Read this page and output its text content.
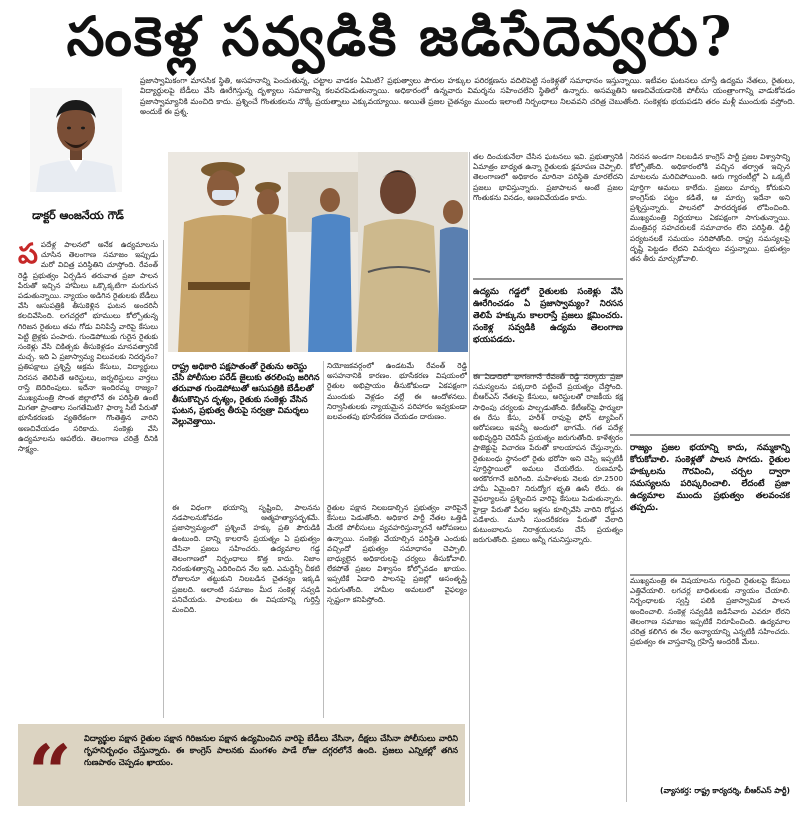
సంకెళ్ల సవ్వడికి జడిసేదెవ్వరు?
డాక్టర్ ఆంజనేయ గౌడ్
ప్రజాస్వామికంగా మానసిక స్థితి, అసహనాన్ని పెంచుతున్న, చట్టాల వాడకం ఏమిటి? ప్రభుత్వాలు పౌరుల హక్కుల పరిరక్షణను వదిలిపెట్టి సంకెళ్లతో సమాధానం ఇస్తున్నాయి. ఇటీవల ఘటనలు చూస్తే ఉద్యమ నేతలు, రైతులు, విద్యార్థులపై బేడీలు వేసి ఊరేగిస్తున్న దృశ్యాలు సమాజాన్ని కలవరపెడుతున్నాయి. అధికారంలో ఉన్నవారు విమర్శను సహించలేని స్థితిలో ఉన్నారు. అసమ్మతిని అణచివేయడానికి పోలీసు యంత్రాంగాన్ని వాడుకోవడం ప్రజాస్వామ్యానికి మంచిది కాదు. ప్రశ్నించే గొంతుకలను నొక్కే ప్రయత్నాలు ఎక్కువయ్యాయి. అయితే ప్రజల చైతన్యం ముందు ఇలాంటి నిర్బంధాలు నిలవవని చరిత్ర చెబుతోంది. సంకెళ్లకు భయపడని తరం మళ్లీ ముందుకు వస్తోంది. అందుకే ఈ ప్రశ్న.
ప పదేళ్ల పాలనలో అనేక ఉద్యమాలను చూసిన తెలంగాణ సమాజం ఇప్పుడు మరో విచిత్ర పరిస్థితిని చూస్తోంది. రేవంత్ రెడ్డి ప్రభుత్వం ఏర్పడిన తరువాత ప్రజా పాలన పేరుతో ఇచ్చిన హామీలు ఒక్కొక్కటిగా మరుగున పడుతున్నాయి. న్యాయం అడిగిన రైతులకు బేడీలు వేసి ఆసుపత్రికి తీసుకెళ్లిన ఘటన అందరినీ కలచివేసింది. లగచర్లలో భూములు కోల్పోతున్న గిరిజన రైతులు తమ గోడు వినిపిస్తే వారిపై కేసులు పెట్టి జైళ్లకు పంపారు. గుండెపోటుకు గురైన రైతుకు సంకెళ్లు వేసి చికిత్సకు తీసుకెళ్లడం మానవత్వానికే మచ్చ. ఇది ఏ ప్రజాస్వామ్య విలువలకు నిదర్శనం? ప్రతిపక్షాలు ప్రశ్నిస్తే అక్రమ కేసులు, విద్యార్థులు నిరసన తెలిపితే అరెస్టులు, జర్నలిస్టులు వార్తలు రాస్తే బెదిరింపులు. ఇదేనా ఇందిరమ్మ రాజ్యం? ముఖ్యమంత్రి సొంత జిల్లాలోనే ఈ పరిస్థితి ఉంటే మిగతా ప్రాంతాల సంగతేమిటి? ఫార్మా సిటీ పేరుతో భూసేకరణకు వ్యతిరేకంగా గొంతెత్తిన వారిని అణచివేయడం సరికాదు. సంకెళ్లు వేసి ఉద్యమాలను ఆపలేరు. తెలంగాణ చరిత్రే దీనికి సాక్ష్యం.
రాష్ట్ర అధికారి పక్షపాతంతో రైతును అరెస్టు చేసి పోలీసుల పరేడ్ జైలుకు తరలింపు జరిగిన తరువాత గుండెపోటుతో ఆసుపత్రికి బేడీలతో తీసుకొచ్చిన దృశ్యం, రైతుకు సంకెళ్లు వేసిన ఘటన, ప్రభుత్వ తీరుపై సర్వత్రా విమర్శలు వెల్లువెత్తాయి.
నియోజకవర్గంలో ఉండటమే రేవంత్ రెడ్డి అసహనానికి కారణం. భూసేకరణ విషయంలో రైతుల అభిప్రాయం తీసుకోకుండా ఏకపక్షంగా ముందుకు వెళ్లడం వల్లే ఈ ఆందోళనలు. నిర్వాసితులకు న్యాయమైన పరిహారం ఇవ్వకుండా బలవంతపు భూసేకరణ చేయడం దారుణం.
ఈ విధంగా భయాన్ని సృష్టించి, పాలనను నడపాలనుకోవడం ఆత్మహత్యాసదృశమే. ప్రజాస్వామ్యంలో ప్రశ్నించే హక్కు ప్రతి పౌరుడికి ఉంటుంది. దాన్ని కాలరాసే ప్రయత్నం ఏ ప్రభుత్వం చేసినా ప్రజలు సహించరు. ఉద్యమాల గడ్డ తెలంగాణలో నిర్బంధాలు కొత్త కాదు. నిజాం నిరంకుశత్వాన్ని ఎదిరించిన నేల ఇది. ఎమర్జెన్సీ చీకటి రోజులనూ తట్టుకుని నిలబడిన చైతన్యం ఇక్కడి ప్రజలది. అలాంటి సమాజం మీద సంకెళ్ల సవ్వడి పనిచేయదు. పాలకులు ఈ విషయాన్ని గుర్తిస్తే మంచిది.
రైతుల పక్షాన నిలబడాల్సిన ప్రభుత్వం వారిపైనే కేసులు పెడుతోంది. అధికార పార్టీ నేతల ఒత్తిడి మేరకే పోలీసులు వ్యవహరిస్తున్నారనే ఆరోపణలు ఉన్నాయి. సంకెళ్లు వేయాల్సిన పరిస్థితి ఎందుకు వచ్చిందో ప్రభుత్వం సమాధానం చెప్పాలి. బాధ్యులైన అధికారులపై చర్యలు తీసుకోవాలి. లేకపోతే ప్రజల విశ్వాసం కోల్పోవడం ఖాయం. ఇప్పటికే ఏడాది పాలనపై ప్రజల్లో అసంతృప్తి పెరుగుతోంది. హామీల అమలులో వైఫల్యం స్పష్టంగా కనిపిస్తోంది.
తల దించుకునేలా చేసిన ఘటనలు ఇవి. ప్రభుత్వానికి ఏమాత్రం బాధ్యత ఉన్నా రైతులకు క్షమాపణ చెప్పాలి. తెలంగాణలో అధికారం మారినా పరిస్థితి మారలేదని ప్రజలు భావిస్తున్నారు. ప్రజాపాలన అంటే ప్రజల గొంతుకను వినడం, అణచివేయడం కాదు.
ఉద్యమ గడ్డలో రైతులకు సంకెళ్లు వేసి ఊరేగించడం ఏ ప్రజాస్వామ్యం? నిరసన తెలిపే హక్కును కాలరాస్తే ప్రజలు క్షమించరు. సంకెళ్ల సవ్వడికి ఉద్యమ తెలంగాణ భయపడదు.
ఈ ఏడాదిలో భాగంగానే రేవంత్ రెడ్డి సర్కారు ప్రజా సమస్యలను పక్కదారి పట్టించే ప్రయత్నం చేస్తోంది. బీఆర్ఎస్ నేతలపై కేసులు, అరెస్టులతో రాజకీయ కక్ష సాధింపు చర్యలకు పాల్పడుతోంది. కేటీఆర్‌పై ఫార్ములా ఈ రేసు కేసు, హరీశ్ రావుపై ఫోన్ ట్యాపింగ్ ఆరోపణలు ఇవన్నీ అందులో భాగమే. గత పదేళ్ల అభివృద్ధిని చెరిపేసే ప్రయత్నం జరుగుతోంది. కాళేశ్వరం ప్రాజెక్టుపై విచారణ పేరుతో కాలయాపన చేస్తున్నారు. రైతుబంధు స్థానంలో రైతు భరోసా అని చెప్పి ఇప్పటికీ పూర్తిస్థాయిలో అమలు చేయలేదు. రుణమాఫీ అరకొరగానే జరిగింది. మహిళలకు నెలకు రూ.2500 హామీ ఏమైంది? నిరుద్యోగ భృతి ఊసే లేదు. ఈ వైఫల్యాలను ప్రశ్నించిన వారిపై కేసులు పెడుతున్నారు. హైడ్రా పేరుతో పేదల ఇళ్లను కూల్చివేసి వారిని రోడ్డున పడేశారు. మూసీ సుందరీకరణ పేరుతో వేలాది కుటుంబాలను నిరాశ్రయులను చేసే ప్రయత్నం జరుగుతోంది. ప్రజలు అన్నీ గమనిస్తున్నారు.
నిరసన అండగా నిలబడిన కాంగ్రెస్ పార్టీ ప్రజల విశ్వాసాన్ని కోల్పోతోంది. అధికారంలోకి వచ్చిన తర్వాత ఇచ్చిన మాటలను మరిచిపోయింది. ఆరు గ్యారంటీల్లో ఏ ఒక్కటీ పూర్తిగా అమలు కాలేదు. ప్రజలు మార్పు కోరుకుని కాంగ్రెస్‌కు పట్టం కడితే, ఆ మార్పు ఇదేనా అని ప్రశ్నిస్తున్నారు. పాలనలో పారదర్శకత లోపించింది. ముఖ్యమంత్రి నిర్ణయాలు ఏకపక్షంగా సాగుతున్నాయి. మంత్రివర్గ సహచరులకే సమాచారం లేని పరిస్థితి. ఢిల్లీ పర్యటనలకే సమయం సరిపోతోంది. రాష్ట్ర సమస్యలపై దృష్టి పెట్టడం లేదని విమర్శలు వస్తున్నాయి. ప్రభుత్వం తన తీరు మార్చుకోవాలి.
రాజ్యం ప్రజల భయాన్ని కాదు, నమ్మకాన్ని కోరుకోవాలి. సంకెళ్లతో పాలన సాగదు. రైతుల హక్కులను గౌరవించి, చర్చల ద్వారా సమస్యలను పరిష్కరించాలి. లేదంటే ప్రజా ఉద్యమాల ముందు ప్రభుత్వం తలవంచక తప్పదు.
ముఖ్యమంత్రి ఈ విషయాలను గుర్తించి రైతులపై కేసులు ఎత్తివేయాలి. లగచర్ల బాధితులకు న్యాయం చేయాలి. నిర్బంధాలకు స్వస్తి పలికి ప్రజాస్వామిక పాలన అందించాలి. సంకెళ్ల సవ్వడికి జడిసేవారు ఎవరూ లేరని తెలంగాణ సమాజం ఇప్పటికే నిరూపించింది. ఉద్యమాల చరిత్ర కలిగిన ఈ నేల అన్యాయాన్ని ఎన్నటికీ సహించదు. ప్రభుత్వం ఈ వాస్తవాన్ని గ్రహిస్తే అందరికీ మేలు.
“	విద్యార్థుల పక్షాన రైతుల పక్షాన గిరిజనుల పక్షాన ఉద్యమించిన వారిపై బేడీలు వేసినా, దీక్షలు చేసినా పోలీసులు వారిని గృహనిర్బంధం చేస్తున్నారు. ఈ కాంగ్రెస్ పాలనకు మంగళం పాడే రోజు దగ్గరలోనే ఉంది. ప్రజలు ఎన్నికల్లో తగిన గుణపాఠం చెప్పడం ఖాయం.
(వ్యాసకర్త: రాష్ట్ర కార్యదర్శి, బీఆర్ఎస్ పార్టీ)
